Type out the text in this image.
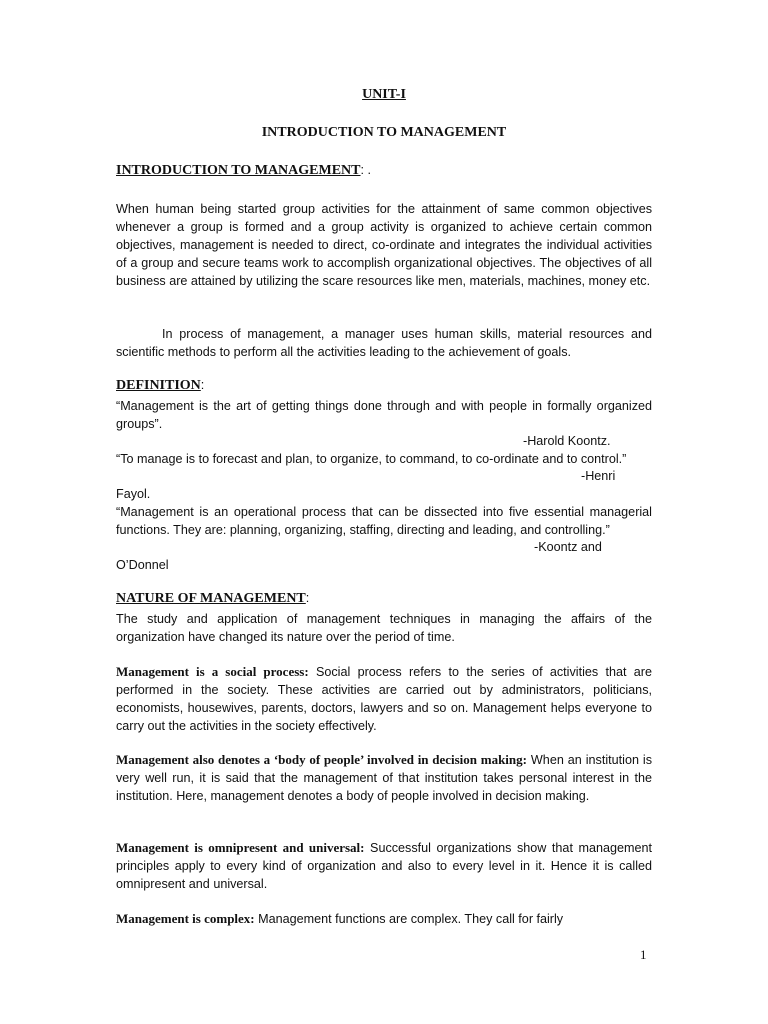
UNIT-I
INTRODUCTION TO MANAGEMENT
INTRODUCTION TO MANAGEMENT: .

When human being started group activities for the attainment of same common objectives whenever a group is formed and a group activity is organized to achieve certain common objectives, management is needed to direct, co-ordinate and integrates the individual activities of a group and secure teams work to accomplish organizational objectives. The objectives of all business are attained by utilizing the scare resources like men, materials, machines, money etc.

In process of management, a manager uses human skills, material resources and scientific methods to perform all the activities leading to the achievement of goals.

DEFINITION:

“Management is the art of getting things done through and with people in formally organized groups”.

-Harold Koontz.

“To manage is to forecast and plan, to organize, to command, to co-ordinate and to control.”

-Henri
Fayol.

“Management is an operational process that can be dissected into five essential managerial functions. They are: planning, organizing, staffing, directing and leading, and controlling.”

-Koontz and
O’Donnel
NATURE OF MANAGEMENT:

The study and application of management techniques in managing the affairs of the organization have changed its nature over the period of time.

Management is a social process: Social process refers to the series of activities that are performed in the society. These activities are carried out by administrators, politicians, economists, housewives, parents, doctors, lawyers and so on. Management helps everyone to carry out the activities in the society effectively.

Management also denotes a ‘body of people’ involved in decision making: When an institution is very well run, it is said that the management of that institution takes personal interest in the institution. Here, management denotes a body of people involved in decision making.

Management is omnipresent and universal: Successful organizations show that management principles apply to every kind of organization and also to every level in it. Hence it is called omnipresent and universal.

Management is complex: Management functions are complex. They call for fairly

1
